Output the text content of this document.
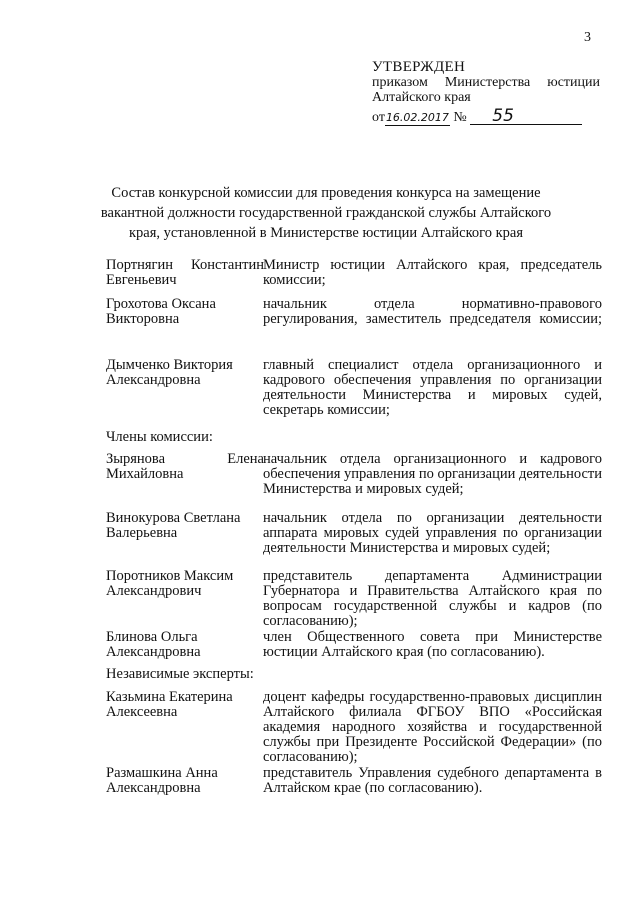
3
УТВЕРЖДЕН
приказом Министерства юстиции
Алтайского края
от16.02.2017 № 55
Состав конкурсной комиссии для проведения конкурса на замещение вакантной должности государственной гражданской службы Алтайского края, установленной в Министерстве юстиции Алтайского края
Портнягин Константин Евгеньевич
Министр юстиции Алтайского края, председатель комиссии;
Грохотова Оксана Викторовна
начальник отдела нормативно-правового регулирования, заместитель председателя комиссии;
Дымченко Виктория Александровна
главный специалист отдела организационного и кадрового обеспечения управления по организации деятельности Министерства и мировых судей, секретарь комиссии;
Члены комиссии:
Зырянова Елена Михайловна
начальник отдела организационного и кадрового обеспечения управления по организации деятельности Министерства и мировых судей;
Винокурова Светлана Валерьевна
начальник отдела по организации деятельности аппарата мировых судей управления по организации деятельности Министерства и мировых судей;
Поротников Максим Александрович
представитель департамента Администрации Губернатора и Правительства Алтайского края по вопросам государственной службы и кадров (по согласованию);
Блинова Ольга Александровна
член Общественного совета при Министерстве юстиции Алтайского края (по согласованию).
Независимые эксперты:
Казьмина Екатерина Алексеевна
доцент кафедры государственно-правовых дисциплин Алтайского филиала ФГБОУ ВПО «Российская академия народного хозяйства и государственной службы при Президенте Российской Федерации» (по согласованию);
Размашкина Анна Александровна
представитель Управления судебного департамента в Алтайском крае (по согласованию).
